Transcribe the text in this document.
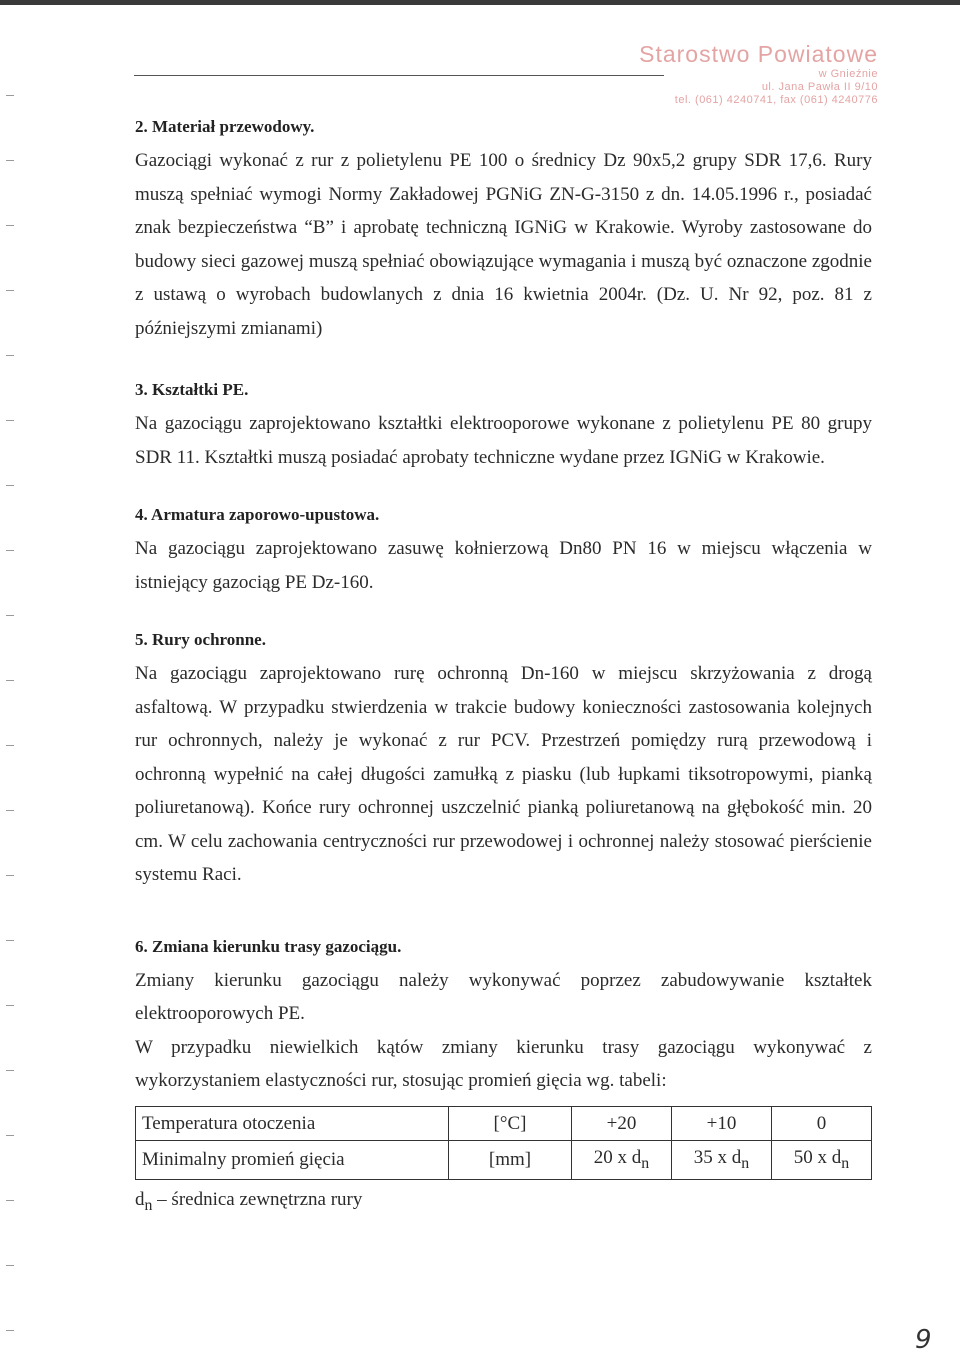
Starostwo Powiatowe
w Gnieźnie
ul. Jana Pawła II 9/10
tel. (061) 4240741, fax (061) 4240776
2. Materiał przewodowy.

Gazociągi wykonać z rur z polietylenu PE 100 o średnicy Dz 90x5,2 grupy SDR 17,6. Rury muszą spełniać wymogi Normy Zakładowej PGNiG ZN-G-3150 z dn. 14.05.1996 r., posiadać znak bezpieczeństwa “B” i aprobatę techniczną IGNiG w Krakowie. Wyroby zastosowane do budowy sieci gazowej muszą spełniać obowiązujące wymagania i muszą być oznaczone zgodnie z ustawą o wyrobach budowlanych z dnia 16 kwietnia 2004r. (Dz. U. Nr 92, poz. 81 z późniejszymi zmianami)

3. Kształtki PE.

Na gazociągu zaprojektowano kształtki elektrooporowe wykonane z polietylenu PE 80 grupy SDR 11. Kształtki muszą posiadać aprobaty techniczne wydane przez IGNiG w Krakowie.

4. Armatura zaporowo-upustowa.

Na gazociągu zaprojektowano zasuwę kołnierzową Dn80 PN 16 w miejscu włączenia w istniejący gazociąg PE Dz-160.

5. Rury ochronne.

Na gazociągu zaprojektowano rurę ochronną Dn-160 w miejscu skrzyżowania z drogą asfaltową. W przypadku stwierdzenia w trakcie budowy konieczności zastosowania kolejnych rur ochronnych, należy je wykonać z rur PCV. Przestrzeń pomiędzy rurą przewodową i ochronną wypełnić na całej długości zamułką z piasku (lub łupkami tiksotropowymi, pianką poliuretanową). Końce rury ochronnej uszczelnić pianką poliuretanową na głębokość min. 20 cm. W celu zachowania centryczności rur przewodowej i ochronnej należy stosować pierścienie systemu Raci.

6. Zmiana kierunku trasy gazociągu.

Zmiany kierunku gazociągu należy wykonywać poprzez zabudowywanie kształtek elektrooporowych PE.

W przypadku niewielkich kątów zmiany kierunku trasy gazociągu wykonywać z wykorzystaniem elastyczności rur, stosując promień gięcia wg. tabeli:

Temperatura otoczenia	[°C]	+20	+10	0
Minimalny promień gięcia	[mm]	20 x $d_n$	35 x $d_n$	50 x $d_n$
$d_n$ – średnica zewnętrzna rury
9
